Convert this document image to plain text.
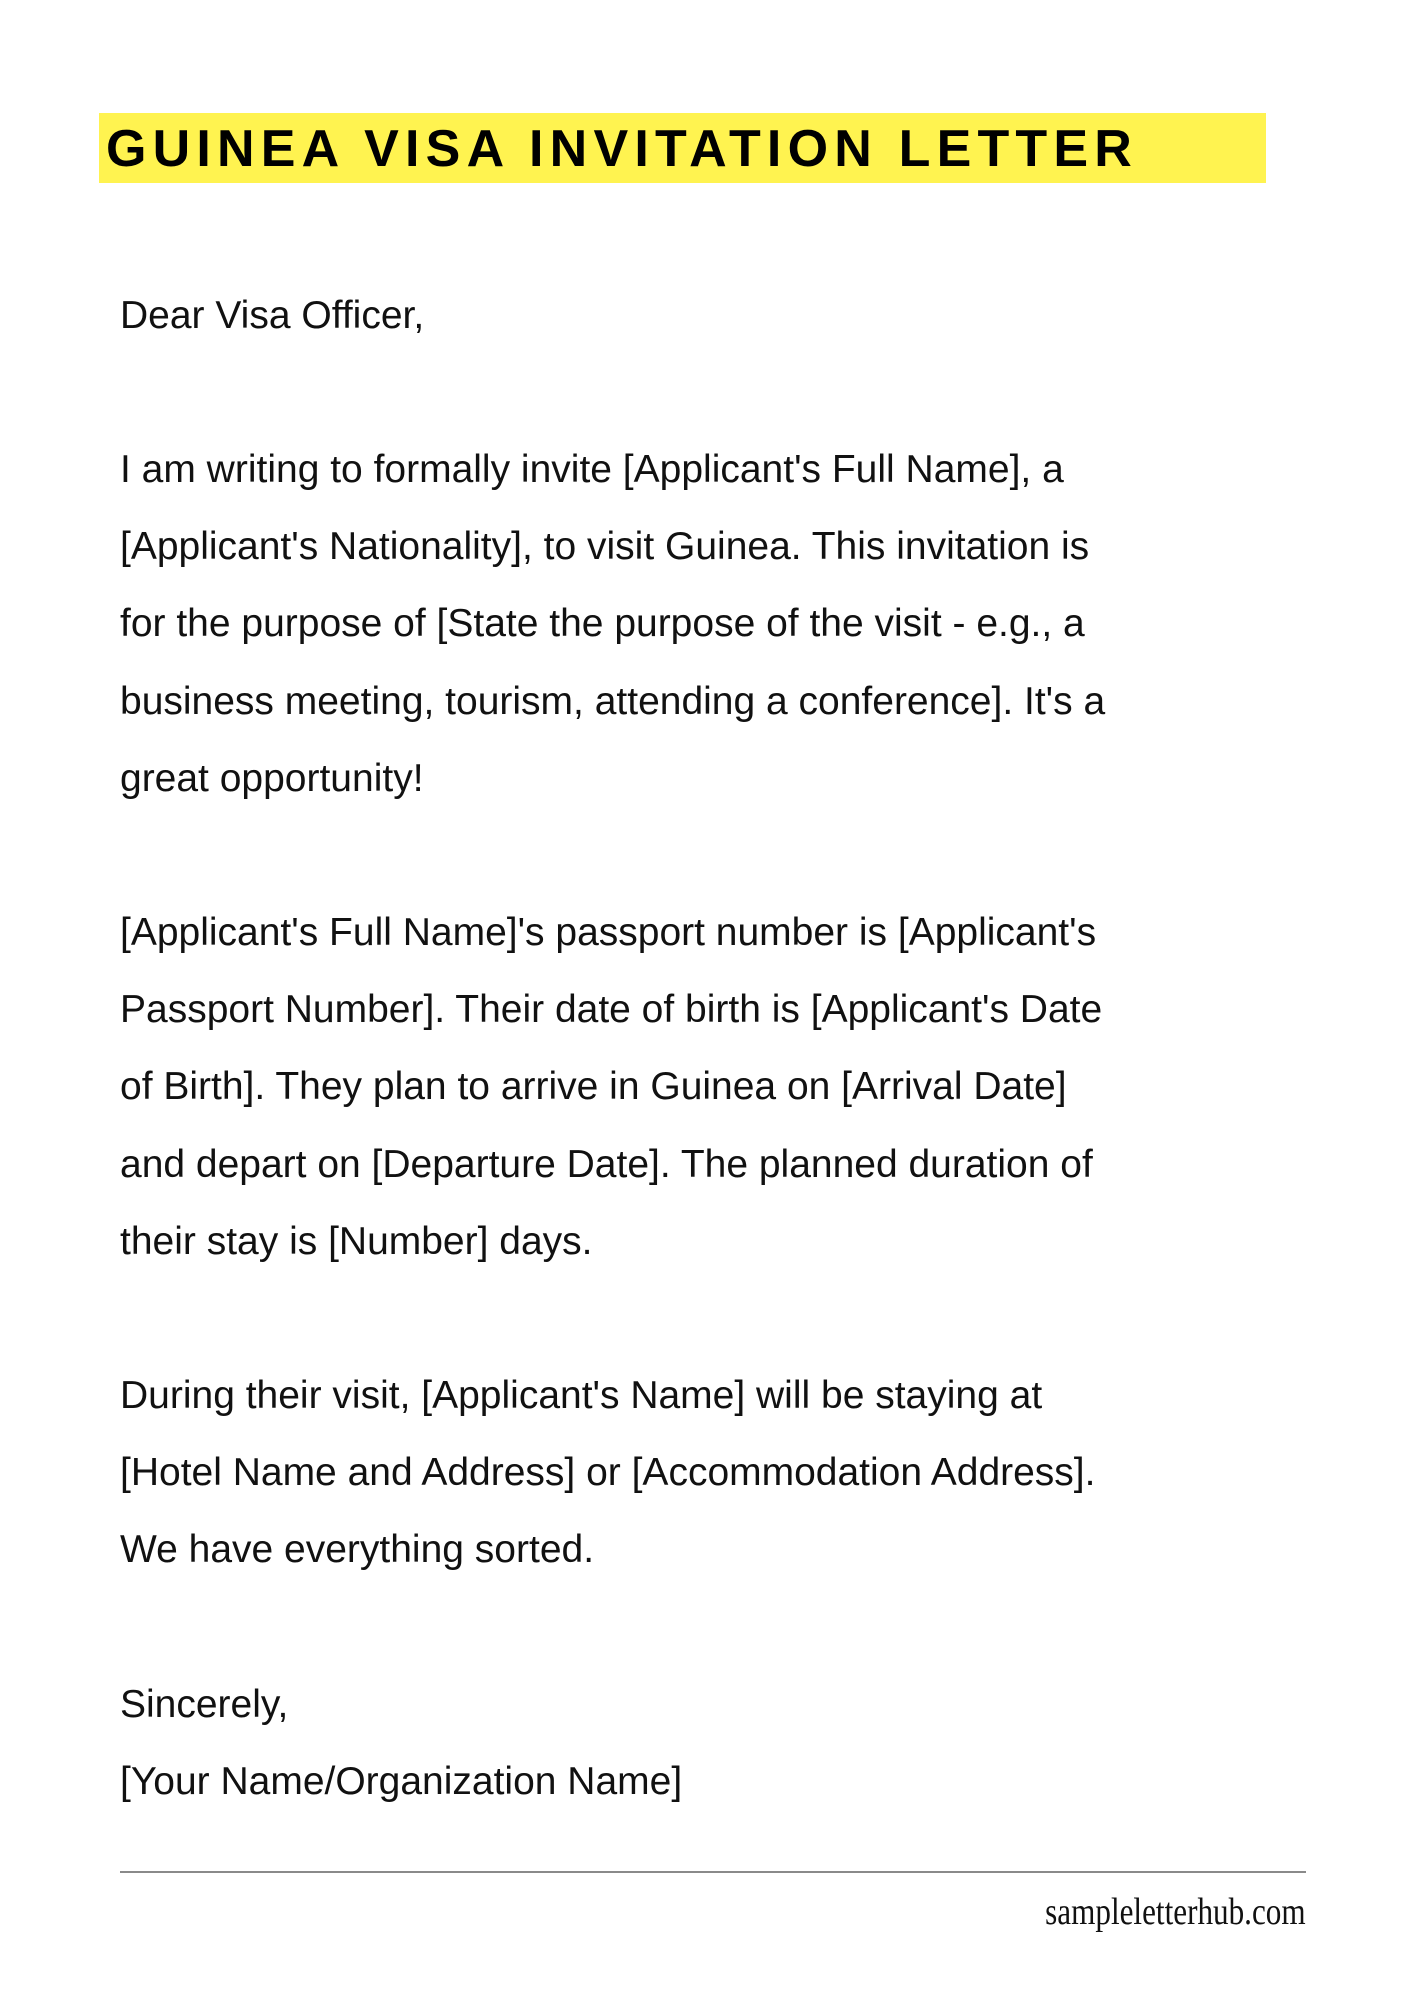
GUINEA VISA INVITATION LETTER
Dear Visa Officer,
I am writing to formally invite [Applicant's Full Name], a
[Applicant's Nationality], to visit Guinea. This invitation is
for the purpose of [State the purpose of the visit - e.g., a
business meeting, tourism, attending a conference]. It's a
great opportunity!
[Applicant's Full Name]'s passport number is [Applicant's
Passport Number]. Their date of birth is [Applicant's Date
of Birth]. They plan to arrive in Guinea on [Arrival Date]
and depart on [Departure Date]. The planned duration of
their stay is [Number] days.
During their visit, [Applicant's Name] will be staying at
[Hotel Name and Address] or [Accommodation Address].
We have everything sorted.
Sincerely,
[Your Name/Organization Name]
sampleletterhub.com
